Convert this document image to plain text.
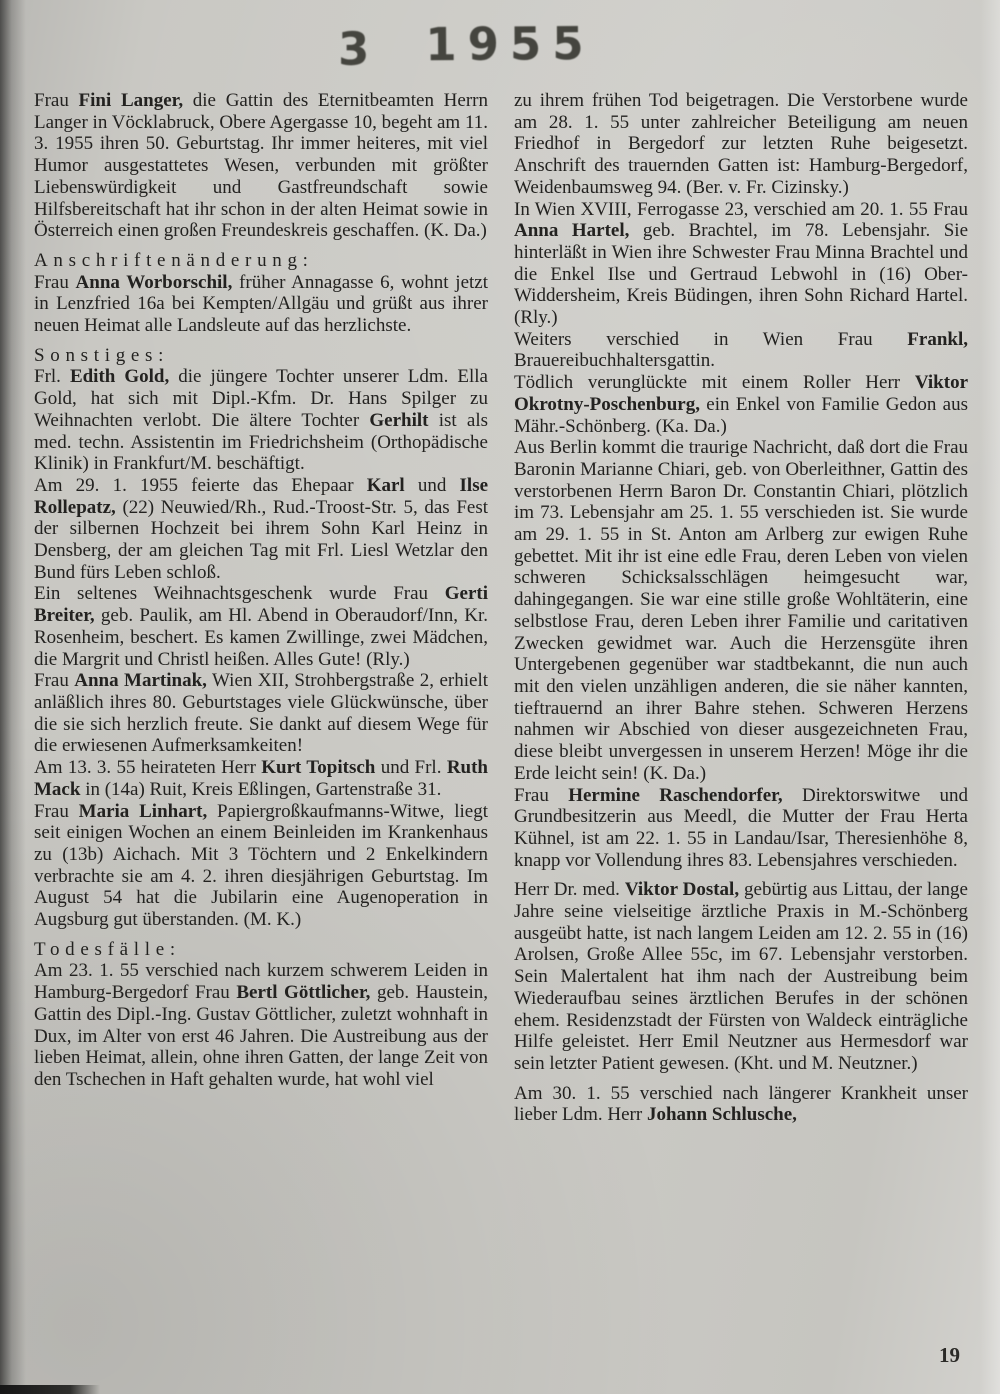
3 1955

Frau Fini Langer, die Gattin des Eternitbeamten Herrn Langer in Vöcklabruck, Obere Agergasse 10, begeht am 11. 3. 1955 ihren 50. Geburtstag. Ihr immer heiteres, mit viel Humor ausgestattetes Wesen, verbunden mit größter Liebenswürdigkeit und Gastfreundschaft sowie Hilfsbereitschaft hat ihr schon in der alten Heimat sowie in Österreich einen großen Freundeskreis geschaffen. (K. Da.)

Anschriftenänderung:

Frau Anna Worborschil, früher Annagasse 6, wohnt jetzt in Lenzfried 16a bei Kempten/Allgäu und grüßt aus ihrer neuen Heimat alle Landsleute auf das herzlichste.

Sonstiges:

Frl. Edith Gold, die jüngere Tochter unserer Ldm. Ella Gold, hat sich mit Dipl.-Kfm. Dr. Hans Spilger zu Weihnachten verlobt. Die ältere Tochter Gerhilt ist als med. techn. Assistentin im Friedrichsheim (Orthopädische Klinik) in Frankfurt/M. beschäftigt.

Am 29. 1. 1955 feierte das Ehepaar Karl und Ilse Rollepatz, (22) Neuwied/Rh., Rud.-Troost-Str. 5, das Fest der silbernen Hochzeit bei ihrem Sohn Karl Heinz in Densberg, der am gleichen Tag mit Frl. Liesl Wetzlar den Bund fürs Leben schloß.

Ein seltenes Weihnachtsgeschenk wurde Frau Gerti Breiter, geb. Paulik, am Hl. Abend in Oberaudorf/Inn, Kr. Rosenheim, beschert. Es kamen Zwillinge, zwei Mädchen, die Margrit und Christl heißen. Alles Gute! (Rly.)

Frau Anna Martinak, Wien XII, Strohbergstraße 2, erhielt anläßlich ihres 80. Geburtstages viele Glückwünsche, über die sie sich herzlich freute. Sie dankt auf diesem Wege für die erwiesenen Aufmerksamkeiten!

Am 13. 3. 55 heirateten Herr Kurt Topitsch und Frl. Ruth Mack in (14a) Ruit, Kreis Eßlingen, Gartenstraße 31.

Frau Maria Linhart, Papiergroßkaufmanns-Witwe, liegt seit einigen Wochen an einem Beinleiden im Krankenhaus zu (13b) Aichach. Mit 3 Töchtern und 2 Enkelkindern verbrachte sie am 4. 2. ihren diesjährigen Geburtstag. Im August 54 hat die Jubilarin eine Augenoperation in Augsburg gut überstanden. (M. K.)

Todesfälle:

Am 23. 1. 55 verschied nach kurzem schwerem Leiden in Hamburg-Bergedorf Frau Bertl Göttlicher, geb. Haustein, Gattin des Dipl.-Ing. Gustav Göttlicher, zuletzt wohnhaft in Dux, im Alter von erst 46 Jahren. Die Austreibung aus der lieben Heimat, allein, ohne ihren Gatten, der lange Zeit von den Tschechen in Haft gehalten wurde, hat wohl viel

zu ihrem frühen Tod beigetragen. Die Verstorbene wurde am 28. 1. 55 unter zahlreicher Beteiligung am neuen Friedhof in Bergedorf zur letzten Ruhe beigesetzt. Anschrift des trauernden Gatten ist: Hamburg-Bergedorf, Weidenbaumsweg 94. (Ber. v. Fr. Cizinsky.)

In Wien XVIII, Ferrogasse 23, verschied am 20. 1. 55 Frau Anna Hartel, geb. Brachtel, im 78. Lebensjahr. Sie hinterläßt in Wien ihre Schwester Frau Minna Brachtel und die Enkel Ilse und Gertraud Lebwohl in (16) Ober-Widdersheim, Kreis Büdingen, ihren Sohn Richard Hartel. (Rly.)

Weiters verschied in Wien Frau Frankl, Brauereibuchhaltersgattin.

Tödlich verunglückte mit einem Roller Herr Viktor Okrotny-Poschenburg, ein Enkel von Familie Gedon aus Mähr.-Schönberg. (Ka. Da.)

Aus Berlin kommt die traurige Nachricht, daß dort die Frau Baronin Marianne Chiari, geb. von Oberleithner, Gattin des verstorbenen Herrn Baron Dr. Constantin Chiari, plötzlich im 73. Lebensjahr am 25. 1. 55 verschieden ist. Sie wurde am 29. 1. 55 in St. Anton am Arlberg zur ewigen Ruhe gebettet. Mit ihr ist eine edle Frau, deren Leben von vielen schweren Schicksalsschlägen heimgesucht war, dahingegangen. Sie war eine stille große Wohltäterin, eine selbstlose Frau, deren Leben ihrer Familie und caritativen Zwecken gewidmet war. Auch die Herzensgüte ihren Untergebenen gegenüber war stadtbekannt, die nun auch mit den vielen unzähligen anderen, die sie näher kannten, tieftrauernd an ihrer Bahre stehen. Schweren Herzens nahmen wir Abschied von dieser ausgezeichneten Frau, diese bleibt unvergessen in unserem Herzen! Möge ihr die Erde leicht sein! (K. Da.)

Frau Hermine Raschendorfer, Direktorswitwe und Grundbesitzerin aus Meedl, die Mutter der Frau Herta Kühnel, ist am 22. 1. 55 in Landau/Isar, Theresienhöhe 8, knapp vor Vollendung ihres 83. Lebensjahres verschieden.

Herr Dr. med. Viktor Dostal, gebürtig aus Littau, der lange Jahre seine vielseitige ärztliche Praxis in M.-Schönberg ausgeübt hatte, ist nach langem Leiden am 12. 2. 55 in (16) Arolsen, Große Allee 55c, im 67. Lebensjahr verstorben. Sein Malertalent hat ihm nach der Austreibung beim Wiederaufbau seines ärztlichen Berufes in der schönen ehem. Residenzstadt der Fürsten von Waldeck einträgliche Hilfe geleistet. Herr Emil Neutzner aus Hermesdorf war sein letzter Patient gewesen. (Kht. und M. Neutzner.)

Am 30. 1. 55 verschied nach längerer Krankheit unser lieber Ldm. Herr Johann Schlusche,

19
